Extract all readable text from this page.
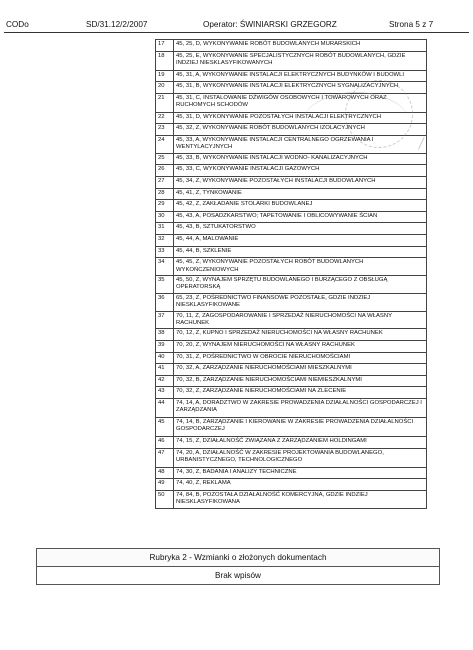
CODo	SD/31.12/2/2007	Operator: ŚWINIARSKI GRZEGORZ	Strona 5 z 7
17	45, 25, D, WYKONYWANIE ROBÓT BUDOWLANYCH MURARSKICH
18	45, 25, E, WYKONYWANIE SPECJALISTYCZNYCH ROBÓT BUDOWLANYCH, GDZIE INDZIEJ NIESKLASYFIKOWANYCH
19	45, 31, A, WYKONYWANIE INSTALACJI ELEKTRYCZNYCH BUDYNKÓW I BUDOWLI
20	45, 31, B, WYKONYWANIE INSTALACJI ELEKTRYCZNYCH SYGNALIZACYJNYCH
21	45, 31, C, INSTALOWANIE DŹWIGÓW OSOBOWYCH I TOWAROWYCH ORAZ RUCHOMYCH SCHODÓW
22	45, 31, D, WYKONYWANIE POZOSTAŁYCH INSTALACJI ELEKTRYCZNYCH
23	45, 32, Z, WYKONYWANIE ROBÓT BUDOWLANYCH IZOLACYJNYCH
24	45, 33, A, WYKONYWANIE INSTALACJI CENTRALNEGO OGRZEWANIA I WENTYLACYJNYCH
25	45, 33, B, WYKONYWANIE INSTALACJI WODNO- KANALIZACYJNYCH
26	45, 33, C, WYKONYWANIE INSTALACJI GAZOWYCH
27	45, 34, Z, WYKONYWANIE POZOSTAŁYCH INSTALACJI BUDOWLANYCH
28	45, 41, Z, TYNKOWANIE
29	45, 42, Z, ZAKŁADANIE STOLARKI BUDOWLANEJ
30	45, 43, A, POSADZKARSTWO; TAPETOWANIE I OBLICOWYWANIE ŚCIAN
31	45, 43, B, SZTUKATORSTWO
32	45, 44, A, MALOWANIE
33	45, 44, B, SZKLENIE
34	45, 45, Z, WYKONYWANIE POZOSTAŁYCH ROBÓT BUDOWLANYCH WYKOŃCZENIOWYCH
35	45, 50, Z, WYNAJEM SPRZĘTU BUDOWLANEGO I BURZĄCEGO Z OBSŁUGĄ OPERATORSKĄ
36	65, 23, Z, POŚREDNICTWO FINANSOWE POZOSTAŁE, GDZIE INDZIEJ NIESKLASYFIKOWANE
37	70, 11, Z, ZAGOSPODAROWANIE I SPRZEDAŻ NIERUCHOMOŚCI NA WŁASNY RACHUNEK
38	70, 12, Z, KUPNO I SPRZEDAŻ NIERUCHOMOŚCI NA WŁASNY RACHUNEK
39	70, 20, Z, WYNAJEM NIERUCHOMOŚCI NA WŁASNY RACHUNEK
40	70, 31, Z, POŚREDNICTWO W OBROCIE NIERUCHOMOŚCIAMI
41	70, 32, A, ZARZĄDZANIE NIERUCHOMOŚCIAMI MIESZKALNYMI
42	70, 32, B, ZARZĄDZANIE NIERUCHOMOŚCIAMI NIEMIESZKALNYMI
43	70, 32, Z, ZARZĄDZANIE NIERUCHOMOŚCIAMI NA ZLECENIE
44	74, 14, A, DORADZTWO W ZAKRESIE PROWADZENIA DZIAŁALNOŚCI GOSPODARCZEJ I ZARZĄDZANIA
45	74, 14, B, ZARZĄDZANIE I KIEROWANIE W ZAKRESIE PROWADZENIA DZIAŁALNOŚCI GOSPODARCZEJ
46	74, 15, Z, DZIAŁALNOŚĆ ZWIĄZANA Z ZARZĄDZANIEM HOLDINGAMI
47	74, 20, A, DZIAŁALNOŚĆ W ZAKRESIE PROJEKTOWANIA BUDOWLANEGO, URBANISTYCZNEGO, TECHNOLOGICZNEGO
48	74, 30, Z, BADANIA I ANALIZY TECHNICZNE
49	74, 40, Z, REKLAMA
50	74, 84, B, POZOSTAŁA DZIAŁALNOŚĆ KOMERCYJNA, GDZIE INDZIEJ NIESKLASYFIKOWANA
Rubryka 2 - Wzmianki o złożonych dokumentach
Brak wpisów
